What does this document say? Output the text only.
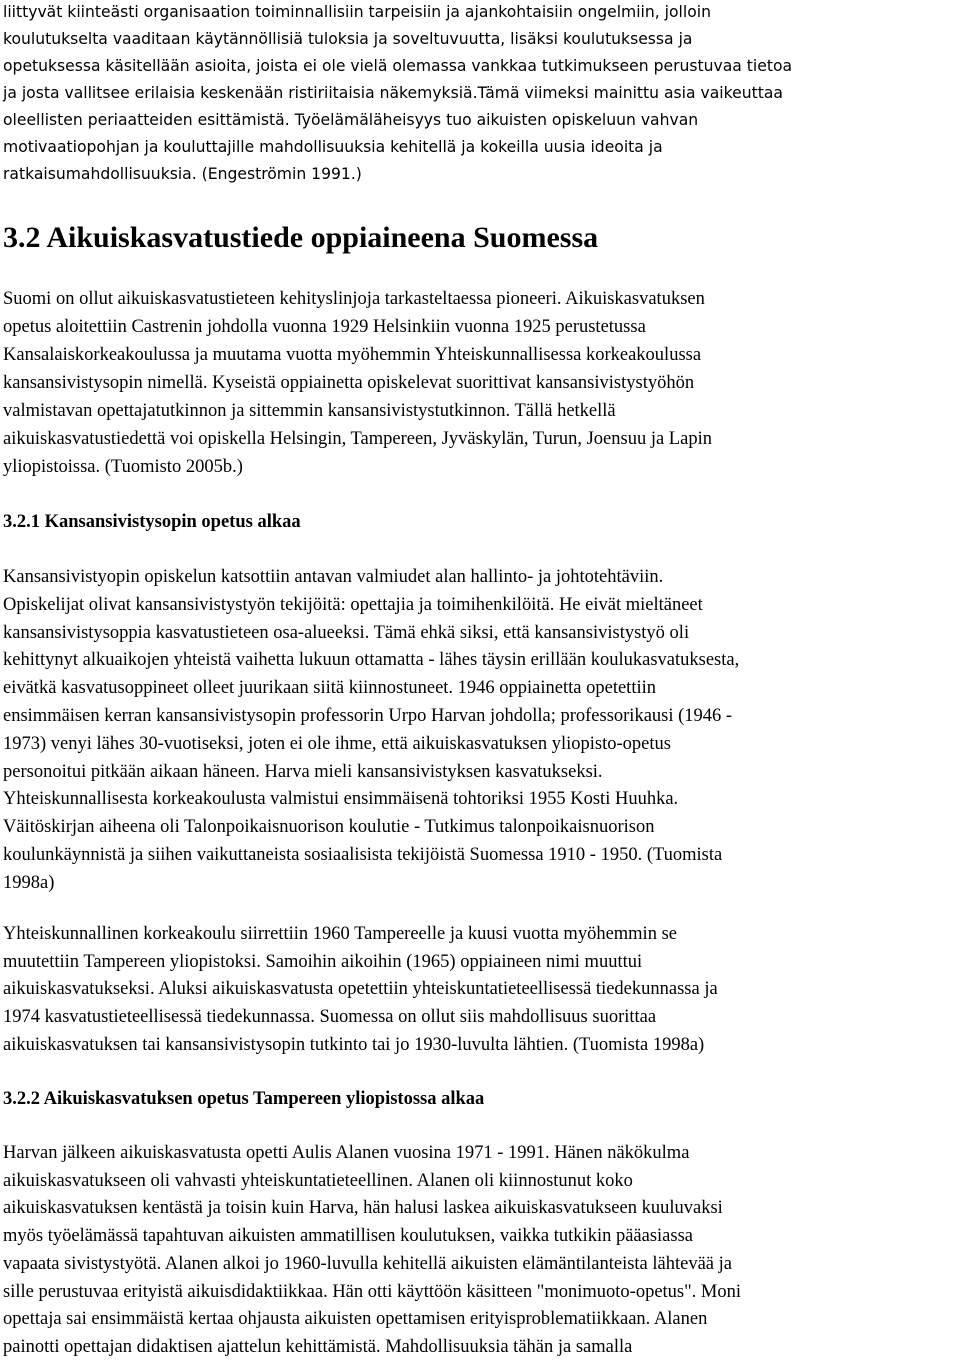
liittyvät kiinteästi organisaation toiminnallisiin tarpeisiin ja ajankohtaisiin ongelmiin, jolloin
koulutukselta vaaditaan käytännöllisiä tuloksia ja soveltuvuutta, lisäksi koulutuksessa ja
opetuksessa käsitellään asioita, joista ei ole vielä olemassa vankkaa tutkimukseen perustuvaa tietoa
ja josta vallitsee erilaisia keskenään ristiriitaisia näkemyksiä.Tämä viimeksi mainittu asia vaikeuttaa
oleellisten periaatteiden esittämistä. Työelämäläheisyys tuo aikuisten opiskeluun vahvan
motivaatiopohjan ja kouluttajille mahdollisuuksia kehitellä ja kokeilla uusia ideoita ja
ratkaisumahdollisuuksia. (Engeströmin 1991.)
3.2 Aikuiskasvatustiede oppiaineena Suomessa
Suomi on ollut aikuiskasvatustieteen kehityslinjoja tarkasteltaessa pioneeri. Aikuiskasvatuksen
opetus aloitettiin Castrenin johdolla vuonna 1929 Helsinkiin vuonna 1925 perustetussa
Kansalaiskorkeakoulussa ja muutama vuotta myöhemmin Yhteiskunnallisessa korkeakoulussa
kansansivistysopin nimellä. Kyseistä oppiainetta opiskelevat suorittivat kansansivistystyöhön
valmistavan opettajatutkinnon ja sittemmin kansansivistystutkinnon. Tällä hetkellä
aikuiskasvatustiedettä voi opiskella Helsingin, Tampereen, Jyväskylän, Turun, Joensuu ja Lapin
yliopistoissa. (Tuomisto 2005b.)
3.2.1 Kansansivistysopin opetus alkaa
Kansansivistyopin opiskelun katsottiin antavan valmiudet alan hallinto- ja johtotehtäviin.
Opiskelijat olivat kansansivistystyön tekijöitä: opettajia ja toimihenkilöitä. He eivät mieltäneet
kansansivistysoppia kasvatustieteen osa-alueeksi. Tämä ehkä siksi, että kansansivistystyö oli
kehittynyt alkuaikojen yhteistä vaihetta lukuun ottamatta - lähes täysin erillään koulukasvatuksesta,
eivätkä kasvatusoppineet olleet juurikaan siitä kiinnostuneet. 1946 oppiainetta opetettiin
ensimmäisen kerran kansansivistysopin professorin Urpo Harvan johdolla; professorikausi (1946 -
1973) venyi lähes 30-vuotiseksi, joten ei ole ihme, että aikuiskasvatuksen yliopisto-opetus
personoitui pitkään aikaan häneen. Harva mieli kansansivistyksen kasvatukseksi.
Yhteiskunnallisesta korkeakoulusta valmistui ensimmäisenä tohtoriksi 1955 Kosti Huuhka.
Väitöskirjan aiheena oli Talonpoikaisnuorison koulutie - Tutkimus talonpoikaisnuorison
koulunkäynnistä ja siihen vaikuttaneista sosiaalisista tekijöistä Suomessa 1910 - 1950. (Tuomista
1998a)
Yhteiskunnallinen korkeakoulu siirrettiin 1960 Tampereelle ja kuusi vuotta myöhemmin se
muutettiin Tampereen yliopistoksi. Samoihin aikoihin (1965) oppiaineen nimi muuttui
aikuiskasvatukseksi. Aluksi aikuiskasvatusta opetettiin yhteiskuntatieteellisessä tiedekunnassa ja
1974 kasvatustieteellisessä tiedekunnassa. Suomessa on ollut siis mahdollisuus suorittaa
aikuiskasvatuksen tai kansansivistysopin tutkinto tai jo 1930-luvulta lähtien. (Tuomista 1998a)
3.2.2 Aikuiskasvatuksen opetus Tampereen yliopistossa alkaa
Harvan jälkeen aikuiskasvatusta opetti Aulis Alanen vuosina 1971 - 1991. Hänen näkökulma
aikuiskasvatukseen oli vahvasti yhteiskuntatieteellinen. Alanen oli kiinnostunut koko
aikuiskasvatuksen kentästä ja toisin kuin Harva, hän halusi laskea aikuiskasvatukseen kuuluvaksi
myös työelämässä tapahtuvan aikuisten ammatillisen koulutuksen, vaikka tutkikin pääasiassa
vapaata sivistystyötä. Alanen alkoi jo 1960-luvulla kehitellä aikuisten elämäntilanteista lähtevää ja
sille perustuvaa erityistä aikuisdidaktiikkaa. Hän otti käyttöön käsitteen "monimuoto-opetus". Moni
opettaja sai ensimmäistä kertaa ohjausta aikuisten opettamisen erityisproblematiikkaan. Alanen
painotti opettajan didaktisen ajattelun kehittämistä. Mahdollisuuksia tähän ja samalla
